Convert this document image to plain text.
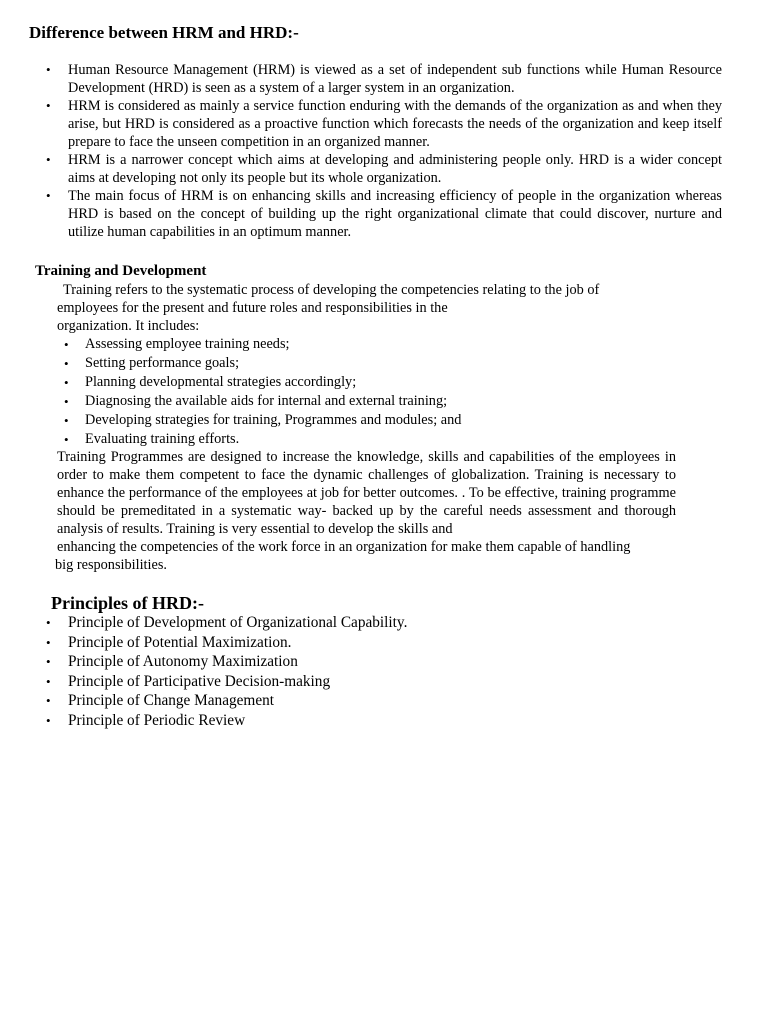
Difference between HRM and HRD:-
• Human Resource Management (HRM) is viewed as a set of independent sub functions while Human Resource Development (HRD) is seen as a system of a larger system in an organization.
• HRM is considered as mainly a service function enduring with the demands of the organization as and when they arise, but HRD is considered as a proactive function which forecasts the needs of the organization and keep itself prepare to face the unseen competition in an organized manner.
• HRM is a narrower concept which aims at developing and administering people only. HRD is a wider concept aims at developing not only its people but its whole organization.
• The main focus of HRM is on enhancing skills and increasing efficiency of people in the organization whereas HRD is based on the concept of building up the right organizational climate that could discover, nurture and utilize human capabilities in an optimum manner.
Training and Development
Training refers to the systematic process of developing the competencies relating to the job of
employees for the present and future roles and responsibilities in the
organization. It includes:
• Assessing employee training needs;
• Setting performance goals;
• Planning developmental strategies accordingly;
• Diagnosing the available aids for internal and external training;
• Developing strategies for training, Programmes and modules; and
• Evaluating training efforts.

Training Programmes are designed to increase the knowledge, skills and capabilities of the employees in order to make them competent to face the dynamic challenges of globalization. Training is necessary to enhance the performance of the employees at job for better outcomes. . To be effective, training programme should be premeditated in a systematic way- backed up by the careful needs assessment and thorough analysis of results. Training is very essential to develop the skills and

enhancing the competencies of the work force in an organization for make them capable of handling
big responsibilities.
Principles of HRD:-
• Principle of Development of Organizational Capability.
• Principle of Potential Maximization.
• Principle of Autonomy Maximization
• Principle of Participative Decision-making
• Principle of Change Management
• Principle of Periodic Review
